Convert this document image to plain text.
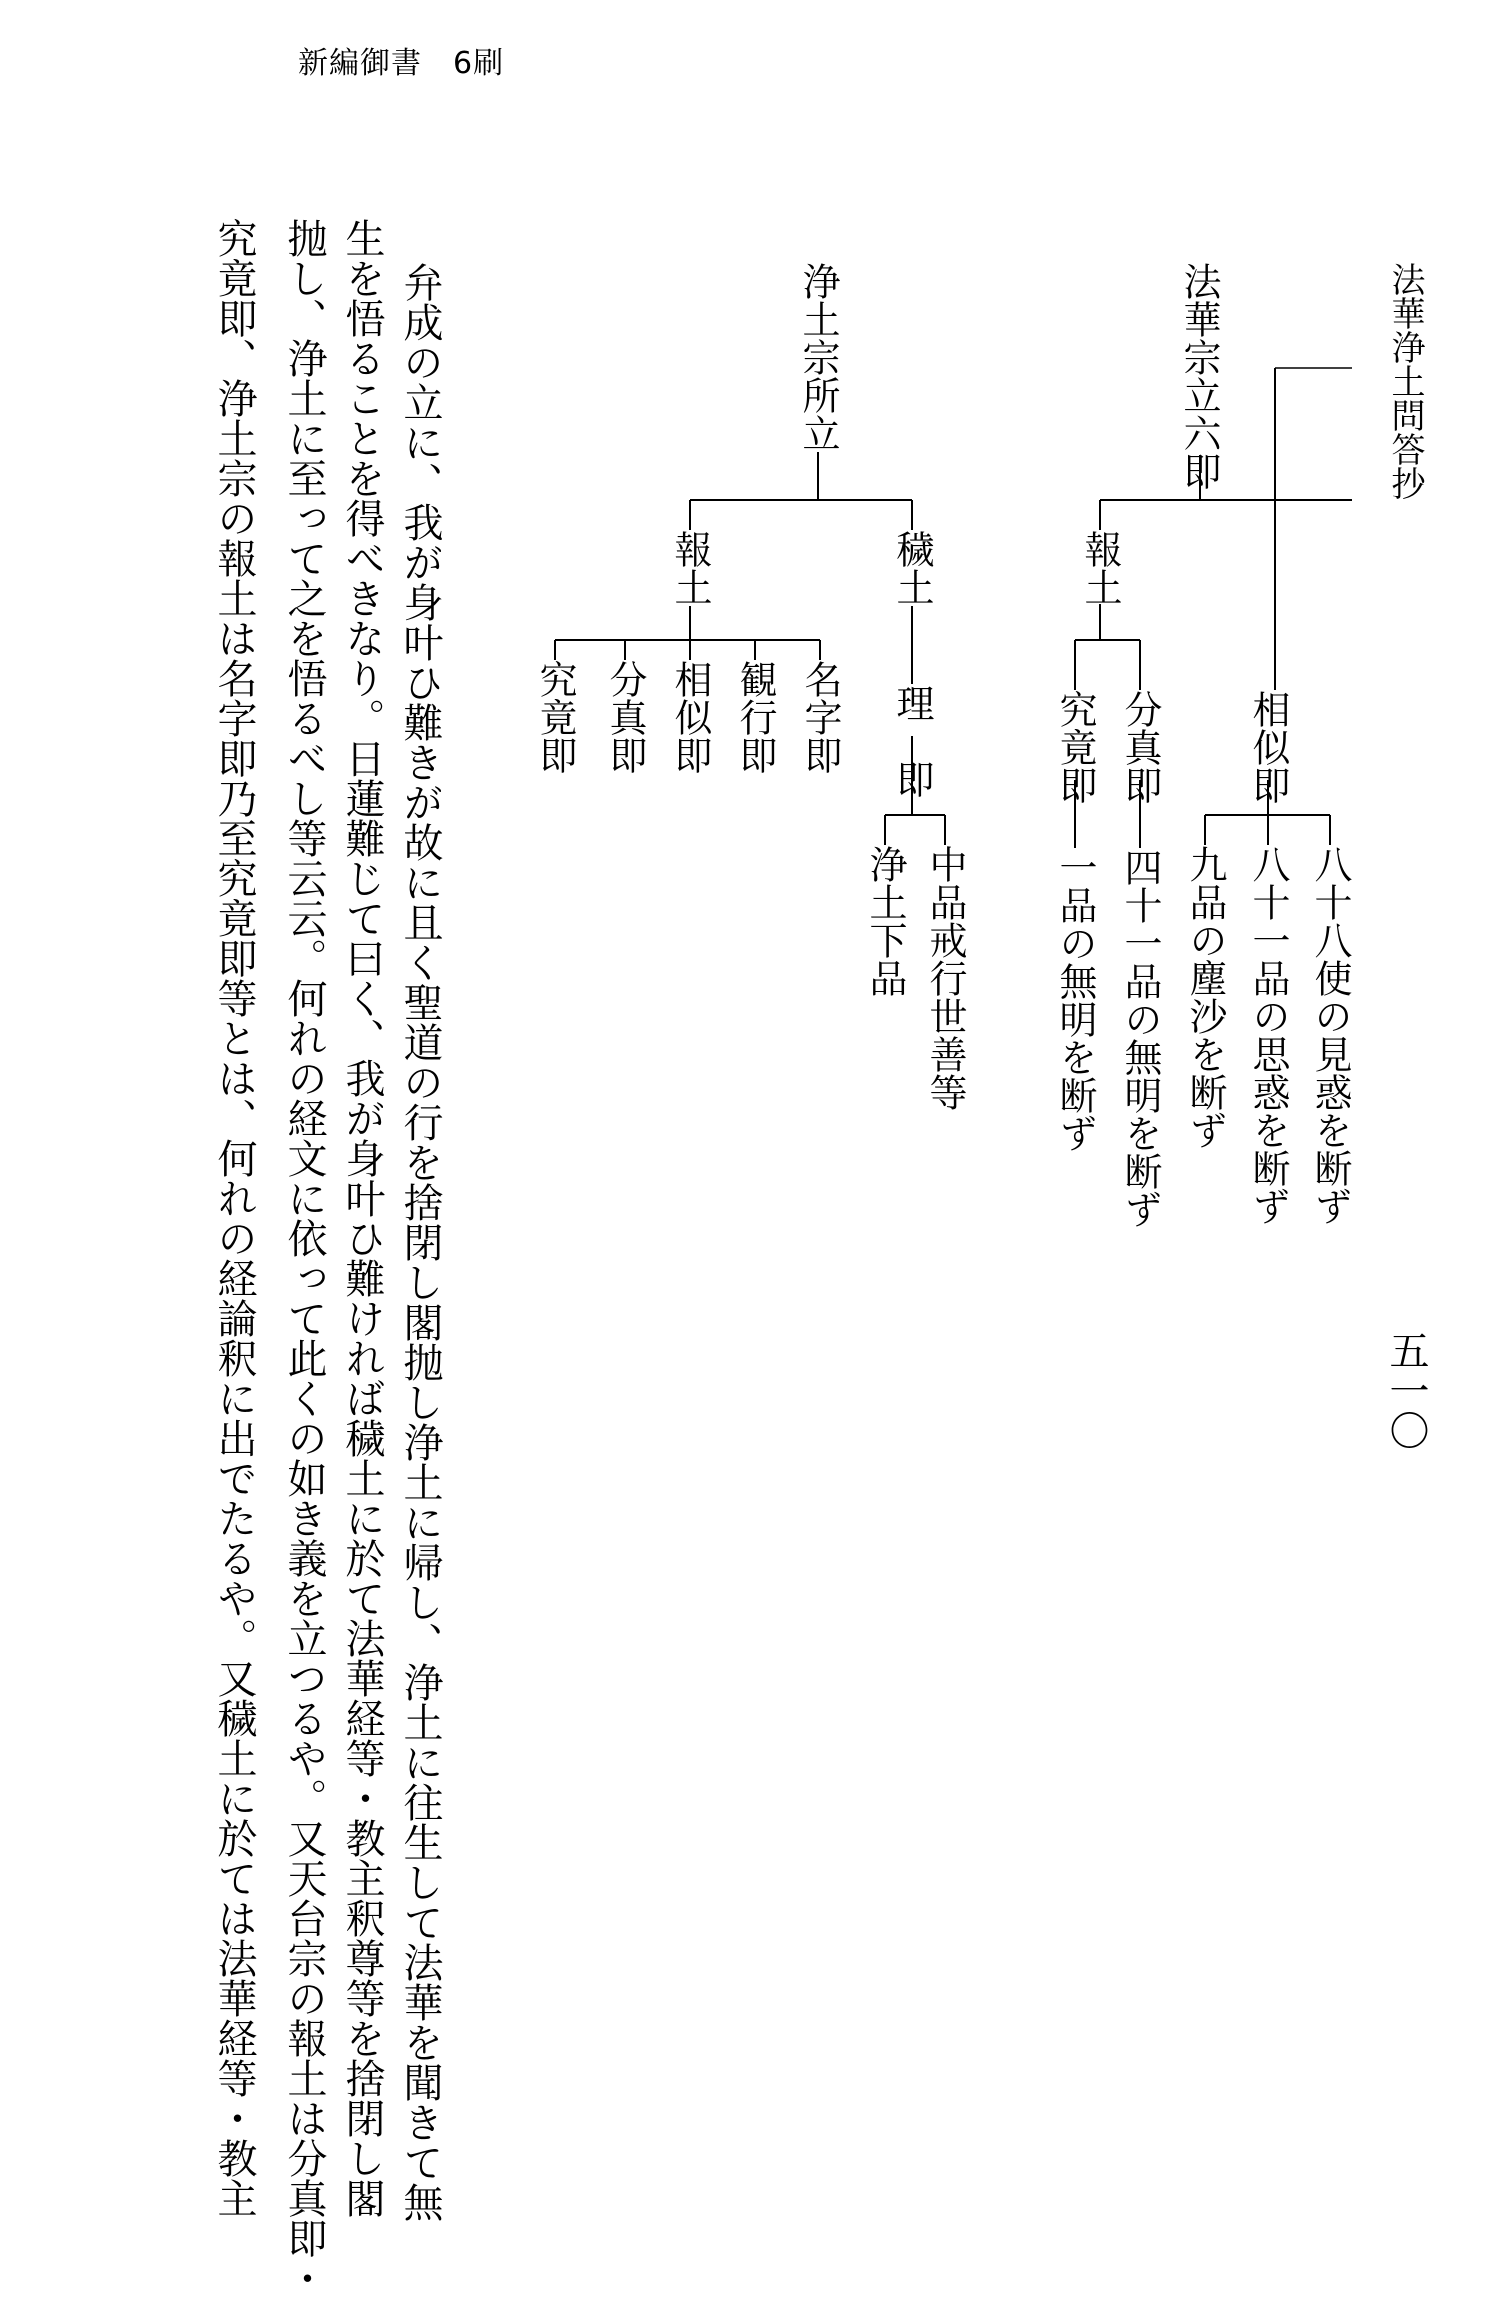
新編御書　6刷
法華浄土問答抄
五一〇
法華宗立六即
報土
相似即
八十八使の見惑を断ず
八十一品の思惑を断ず
九品の塵沙を断ず
分真即
四十一品の無明を断ず
究竟即
一品の無明を断ず
浄土宗所立
穢土
理　即
中品戒行世善等
浄土下品
報土
名字即
観行即
相似即
分真即
究竟即
弁成の立に、我が身叶ひ難きが故に且く聖道の行を捨閉し閣抛し浄土に帰し、浄土に往生して法華を聞きて無
生を悟ることを得べきなり。日蓮難じて曰く、我が身叶ひ難ければ穢土に於て法華経等・教主釈尊等を捨閉し閣
抛し、浄土に至って之を悟るべし等云云。何れの経文に依って此くの如き義を立つるや。又天台宗の報土は分真即・
究竟即、浄土宗の報土は名字即乃至究竟即等とは、何れの経論釈に出でたるや。又穢土に於ては法華経等・教主
